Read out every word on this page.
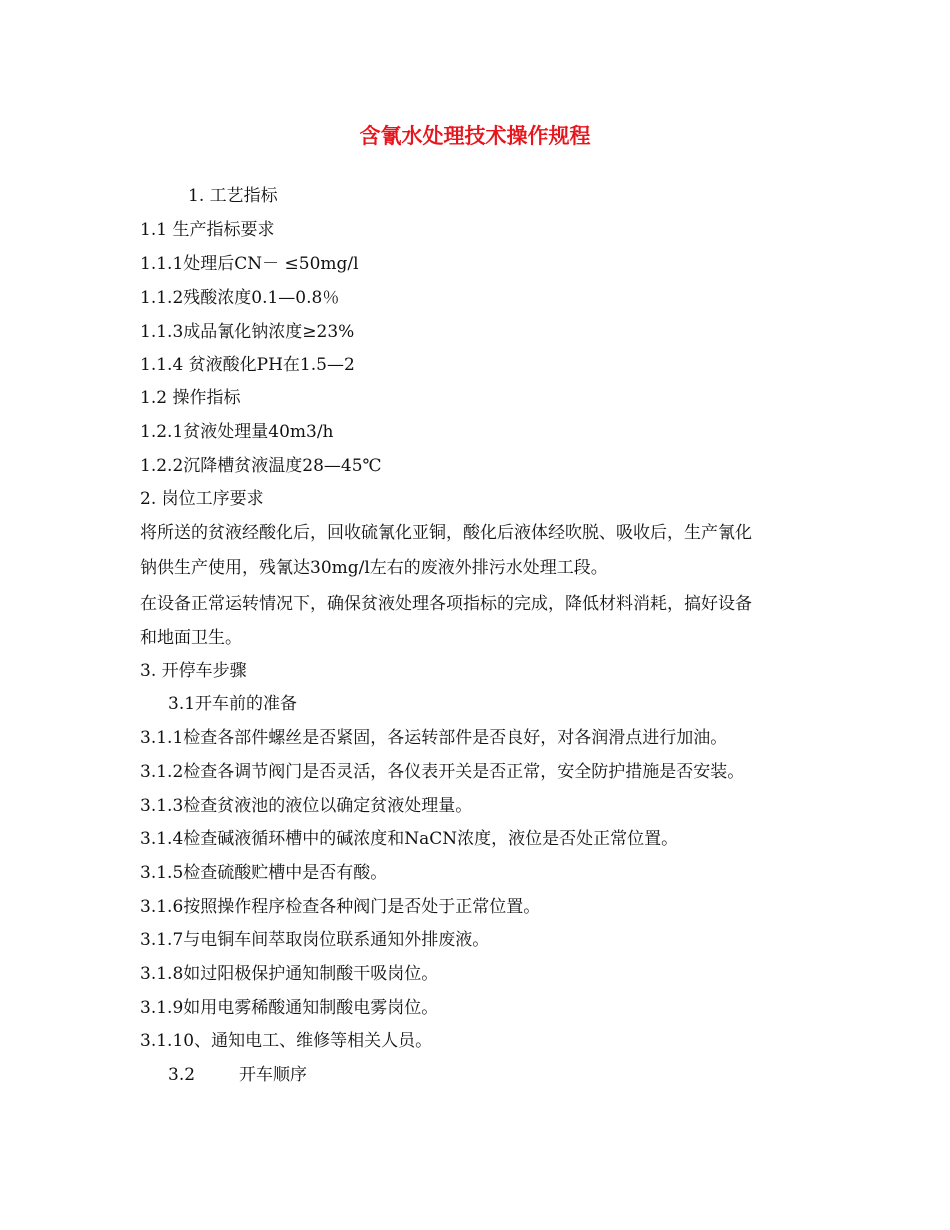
含氰水处理技术操作规程
1. 工艺指标
1.1 生产指标要求
1.1.1处理后CN－ ≤50mg/l
1.1.2残酸浓度0.1—0.8％
1.1.3成品氰化钠浓度≥23%
1.1.4 贫液酸化PH在1.5—2
1.2 操作指标
1.2.1贫液处理量40m3/h
1.2.2沉降槽贫液温度28—45℃
2. 岗位工序要求
将所送的贫液经酸化后，回收硫氰化亚铜，酸化后液体经吹脱、吸收后，生产氰化
钠供生产使用，残氰达30mg/l左右的废液外排污水处理工段。
在设备正常运转情况下，确保贫液处理各项指标的完成，降低材料消耗，搞好设备
和地面卫生。
3. 开停车步骤
3.1开车前的准备
3.1.1检查各部件螺丝是否紧固，各运转部件是否良好，对各润滑点进行加油。
3.1.2检查各调节阀门是否灵活，各仪表开关是否正常，安全防护措施是否安装。
3.1.3检查贫液池的液位以确定贫液处理量。
3.1.4检查碱液循环槽中的碱浓度和NaCN浓度，液位是否处正常位置。
3.1.5检查硫酸贮槽中是否有酸。
3.1.6按照操作程序检查各种阀门是否处于正常位置。
3.1.7与电铜车间萃取岗位联系通知外排废液。
3.1.8如过阳极保护通知制酸干吸岗位。
3.1.9如用电雾稀酸通知制酸电雾岗位。
3.1.10、通知电工、维修等相关人员。
3.2	开车顺序
